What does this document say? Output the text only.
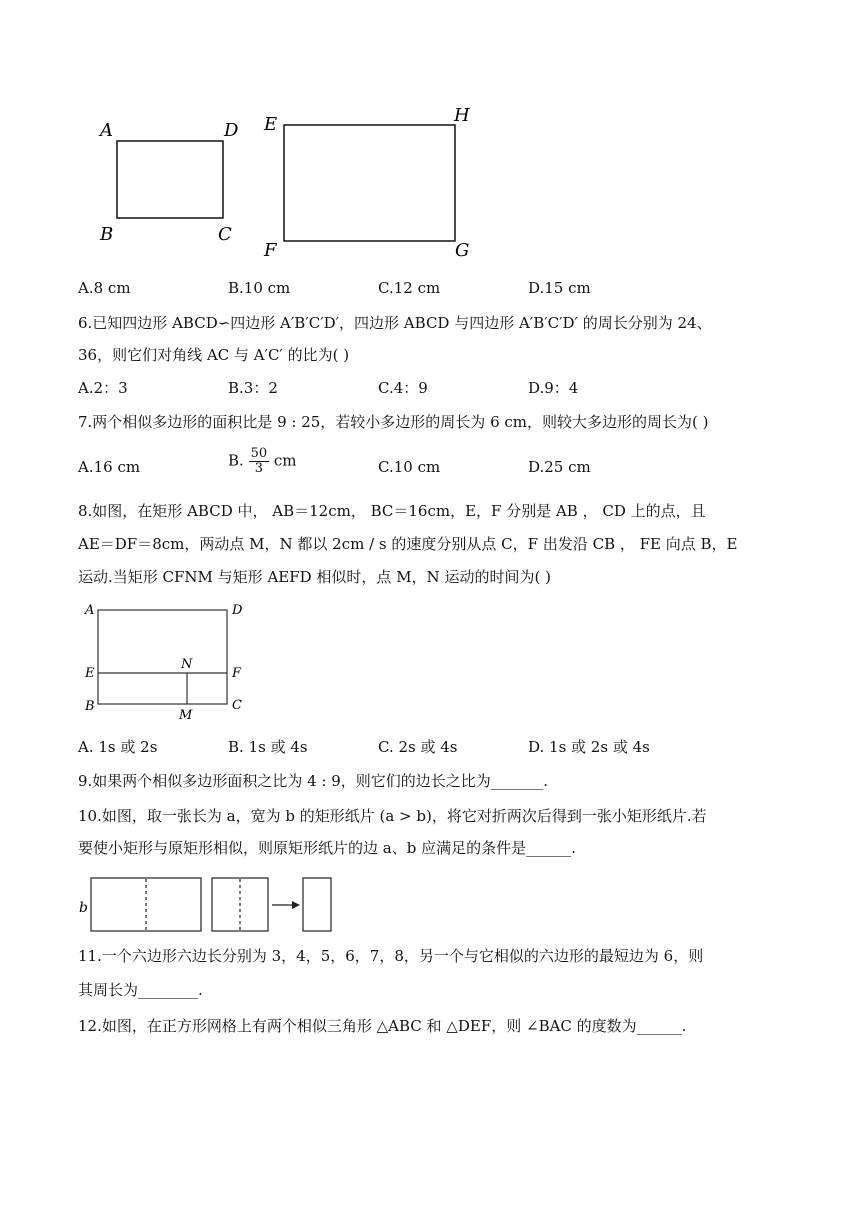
A	D
B	C
E	H
F	G
A.8 cm	B.10 cm	C.12 cm	D.15 cm
6.已知四边形 ABCD∽四边形 A′B′C′D′，四边形 ABCD 与四边形 A′B′C′D′ 的周长分别为 24、
36，则它们对角线 AC 与 A′C′ 的比为( )
A.2：3	B.3：2	C.4：9	D.9：4
7.两个相似多边形的面积比是 9 : 25，若较小多边形的周长为 6 cm，则较大多边形的周长为( )
A.16 cm	B. $\frac{50}{3}$ cm	C.10 cm	D.25 cm
8.如图，在矩形 ABCD 中， AB＝12cm， BC＝16cm，E，F 分别是 AB ， CD 上的点，且
AE＝DF＝8cm，两动点 M，N 都以 2cm / s 的速度分别从点 C，F 出发沿 CB ， FE 向点 B，E
运动.当矩形 CFNM 与矩形 AEFD 相似时，点 M，N 运动的时间为( )
A	D
E	F
N
B
M
C
A. 1s 或 2s	B. 1s 或 4s	C. 2s 或 4s	D. 1s 或 2s 或 4s
9.如果两个相似多边形面积之比为 4 : 9，则它们的边长之比为_______.
10.如图，取一张长为 a，宽为 b 的矩形纸片 (a > b)，将它对折两次后得到一张小矩形纸片.若
要使小矩形与原矩形相似，则原矩形纸片的边 a、b 应满足的条件是______.
b
11.一个六边形六边长分别为 3，4，5，6，7，8，另一个与它相似的六边形的最短边为 6，则
其周长为________.
12.如图，在正方形网格上有两个相似三角形 △ABC 和 △DEF，则 ∠BAC 的度数为______.
